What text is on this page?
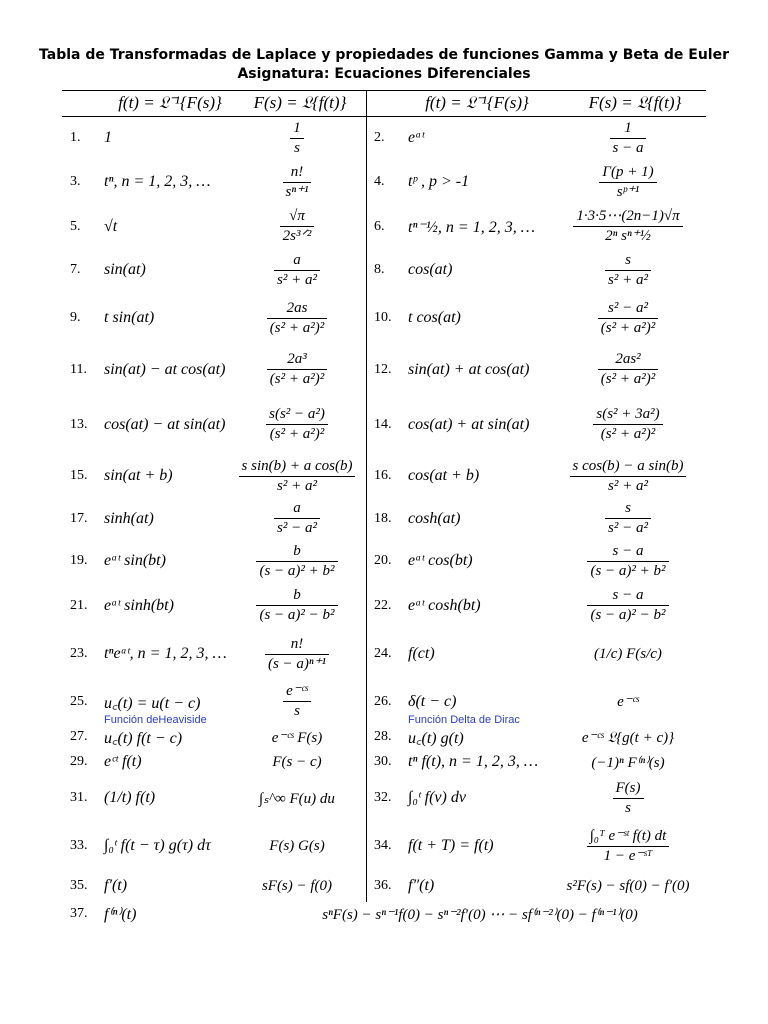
Tabla de Transformadas de Laplace y propiedades de funciones Gamma y Beta de Euler
Asignatura: Ecuaciones Diferenciales
f(t) = 𝔏⁻¹{F(s)}	F(s) = 𝔏{f(t)}	f(t) = 𝔏⁻¹{F(s)}	F(s) = 𝔏{f(t)}
1. 1	$\frac{1}{s}$	2. eᵃᵗ	$\frac{1}{s - a}$
3. tⁿ, n = 1, 2, 3, …	$\frac{n!}{\text{sⁿ⁺¹}}$	4. tᵖ , p > -1	$\frac{\Gamma(p + 1)}{\text{sᵖ⁺¹}}$
5. √t	$\frac{√\pi}{\text{2s³ᐟ²}}$	6. tⁿ⁻½, n = 1, 2, 3, …	$\frac{1\cdot 3\cdot 5\cdots(2n-1)√\pi}{\text{2ⁿ sⁿ⁺½}}$
7. sin(at)	$\frac{a}{\text{s² + a²}}$	8. cos(at)	$\frac{s}{\text{s² + a²}}$
9. t sin(at)	$\frac{2as}{\text{(s² + a²)²}}$	10. t cos(at)	$\frac{\text{s² − a²}}{\text{(s² + a²)²}}$
11. sin(at) − at cos(at)	$\frac{\text{2a³}}{\text{(s² + a²)²}}$	12. sin(at) + at cos(at)	$\frac{\text{2as²}}{\text{(s² + a²)²}}$
13. cos(at) − at sin(at)	$\frac{\text{s(s² − a²)}}{\text{(s² + a²)²}}$	14. cos(at) + at sin(at)	$\frac{\text{s(s² + 3a²)}}{\text{(s² + a²)²}}$
15. sin(at + b)	$\frac{\text{s sin(b) + a cos(b)}}{\text{s² + a²}} 16$. cos(at + b)	$\frac{\text{s cos(b) − a sin(b)}}{\text{s² + a²}}$
17. sinh(at)	$\frac{a}{\text{s² − a²}}$	18. cosh(at)	$\frac{s}{\text{s² − a²}}$
19. eᵃᵗ sin(bt)	$\frac{b}{\text{(s − a)² + b²}}$	20. eᵃᵗ cos(bt)	$\frac{s - a}{\text{(s − a)² + b²}}$
21. eᵃᵗ sinh(bt)	$\frac{b}{\text{(s − a)² − b²}}$	22. eᵃᵗ cosh(bt)	$\frac{s - a}{\text{(s − a)² − b²}}$
23. tⁿeᵃᵗ, n = 1, 2, 3, …	$\frac{n!}{\text{(s − a)ⁿ⁺¹}}$	24. f(ct)	(1/c) F(s/c)
25. u꜀(t) = u(t − c)	$\frac{\text{e⁻ᶜˢ}}{s}$
Función deHeaviside
26. δ(t − c)	e⁻ᶜˢ
Función Delta de Dirac
27. u꜀(t) f(t − c)	e⁻ᶜˢ F(s)	28. u꜀(t) g(t)	e⁻ᶜˢ 𝔏{g(t + c)}
29. eᶜᵗ f(t)	F(s − c)	30. tⁿ f(t), n = 1, 2, 3, …	(−1)ⁿ F⁽ⁿ⁾(s)
31. (1/t) f(t)	∫ₛ^∞ F(u) du	32. ∫₀ᵗ f(v) dv	$\frac{F(s)}{s}$
33. ∫₀ᵗ f(t − τ) g(τ) dτ	F(s) G(s)	34. f(t + T) = f(t)	$\frac{\text{∫₀ᵀ e⁻ˢᵗ f(t) dt}}{\text{1 − e⁻ˢᵀ}}$
35. f′(t)	sF(s) − f(0)	36. f″(t)	s²F(s) − sf(0) − f′(0)
37. f⁽ⁿ⁾(t)	sⁿF(s) − sⁿ⁻¹f(0) − sⁿ⁻²f′(0) ⋯ − sf⁽ⁿ⁻²⁾(0) − f⁽ⁿ⁻¹⁾(0)
